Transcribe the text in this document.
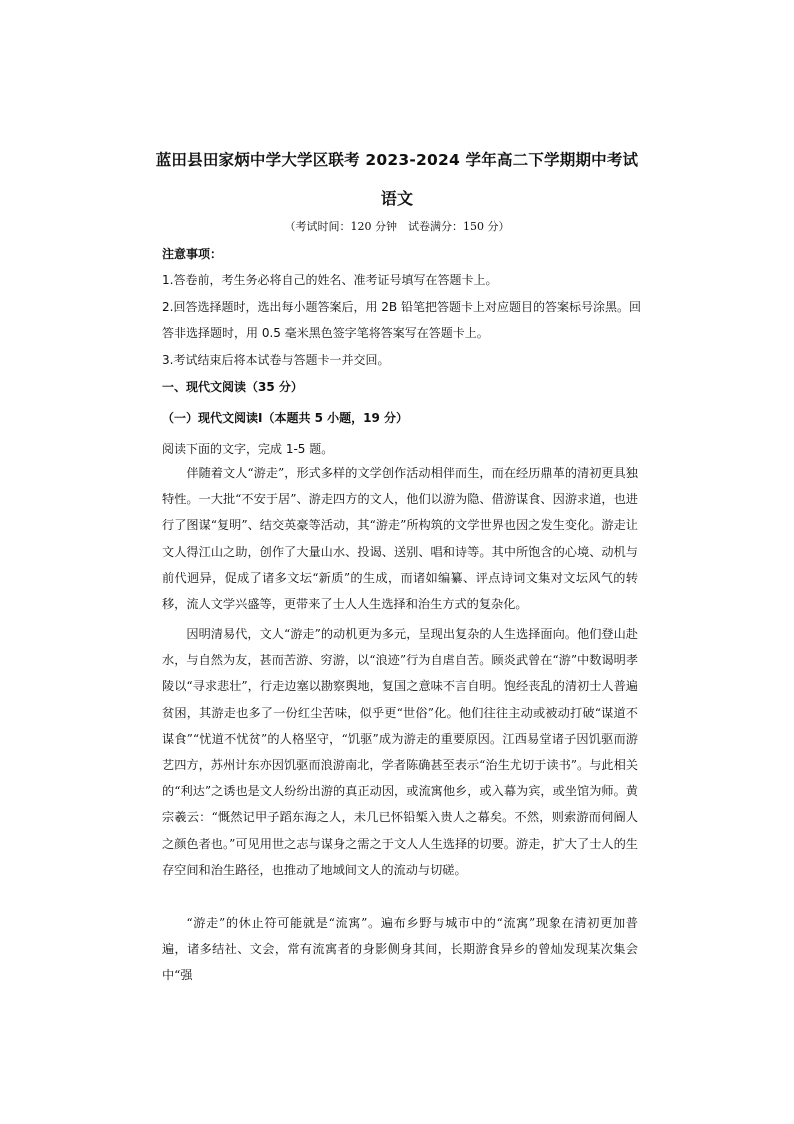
蓝田县田家炳中学大学区联考 2023-2024 学年高二下学期期中考试
语文
（考试时间：120 分钟　试卷满分：150 分）
注意事项：
1.答卷前，考生务必将自己的姓名、准考证号填写在答题卡上。
2.回答选择题时，选出每小题答案后，用 2B 铅笔把答题卡上对应题目的答案标号涂黑。回
答非选择题时，用 0.5 毫米黑色签字笔将答案写在答题卡上。
3.考试结束后将本试卷与答题卡一并交回。
一、现代文阅读（35 分）
（一）现代文阅读Ⅰ（本题共 5 小题，19 分）
阅读下面的文字，完成 1-5 题。

伴随着文人“游走”，形式多样的文学创作活动相伴而生，而在经历鼎革的清初更具独特性。一大批“不安于居”、游走四方的文人，他们以游为隐、借游谋食、因游求道，也进行了图谋“复明”、结交英豪等活动，其“游走”所构筑的文学世界也因之发生变化。游走让文人得江山之助，创作了大量山水、投谒、送别、唱和诗等。其中所饱含的心境、动机与前代迥异，促成了诸多文坛“新质”的生成，而诸如编纂、评点诗词文集对文坛风气的转移，流人文学兴盛等，更带来了士人人生选择和治生方式的复杂化。

因明清易代，文人“游走”的动机更为多元，呈现出复杂的人生选择面向。他们登山赴水，与自然为友，甚而苦游、穷游，以“浪迹”行为自虐自苦。顾炎武曾在“游”中数谒明孝陵以“寻求悲壮”，行走边塞以勘察舆地，复国之意味不言自明。饱经丧乱的清初士人普遍贫困，其游走也多了一份红尘苦味，似乎更“世俗”化。他们往往主动或被动打破“谋道不谋食”“忧道不忧贫”的人格坚守，“饥驱”成为游走的重要原因。江西易堂诸子因饥驱而游艺四方，苏州计东亦因饥驱而浪游南北，学者陈确甚至表示“治生尤切于读书”。与此相关的“利达”之诱也是文人纷纷出游的真正动因，或流寓他乡，或入幕为宾，或坐馆为师。黄宗羲云：“慨然记甲子蹈东海之人，未几已怀铅椠入贵人之幕矣。不然，则索游而伺阍人之颜色者也。”可见用世之志与谋身之需之于文人人生选择的切要。游走，扩大了士人的生存空间和治生路径，也推动了地域间文人的流动与切磋。

“游走”的休止符可能就是“流寓”。遍布乡野与城市中的“流寓”现象在清初更加普遍，诸多结社、文会，常有流寓者的身影侧身其间，长期游食异乡的曾灿发现某次集会中“强
